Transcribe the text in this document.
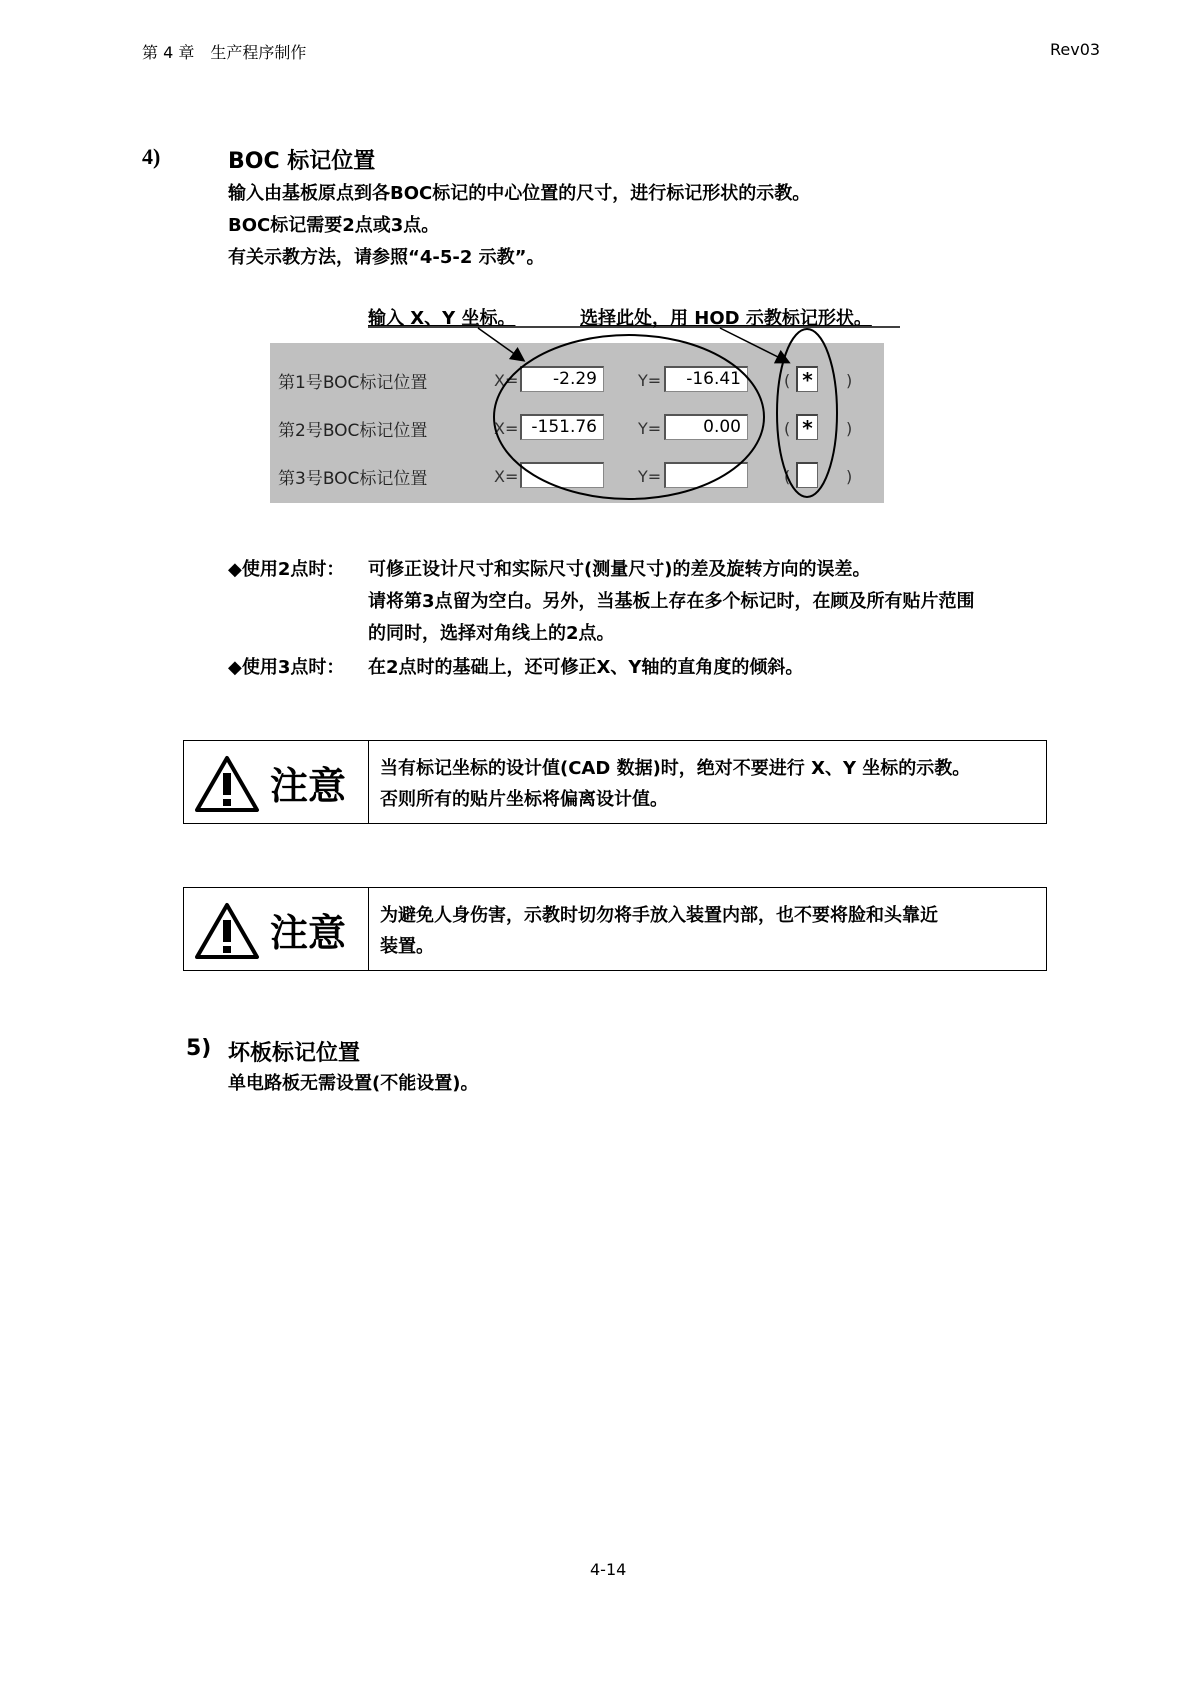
第 4 章　生产程序制作	Rev03
4)	BOC 标记位置
输入由基板原点到各BOC标记的中心位置的尺寸，进行标记形状的示教。
BOC标记需要2点或3点。
有关示教方法，请参照“4-5-2 示教”。
输入 X、Y 坐标。	选择此处，用 HOD 示教标记形状。
第1号BOC标记位置	X=	-2.29	Y=	-16.41	( *	)
第2号BOC标记位置	X= -151.76	Y=	0.00	( *	)
第3号BOC标记位置	X=	Y=	(	)
◆使用2点时： 可修正设计尺寸和实际尺寸(测量尺寸)的差及旋转方向的误差。
请将第3点留为空白。另外，当基板上存在多个标记时，在顾及所有贴片范围
的同时，选择对角线上的2点。
◆使用3点时： 在2点时的基础上，还可修正X、Y轴的直角度的倾斜。
注意 当有标记坐标的设计值(CAD 数据)时，绝对不要进行 X、Y 坐标的示教。
否则所有的贴片坐标将偏离设计值。
注意 为避免人身伤害，示教时切勿将手放入装置内部，也不要将脸和头靠近
装置。
5) 坏板标记位置
单电路板无需设置(不能设置)。
4-14
